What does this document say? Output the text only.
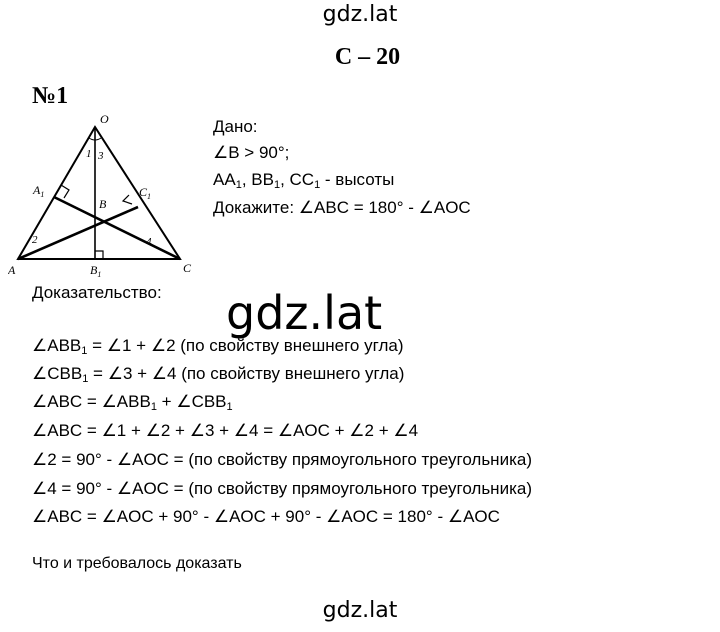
gdz.lat
С – 20
№1
O
A	C
B
$A_1$	$C_1$
$B_1$
1 3
2	4
Дано:
∠B > 90°;
$AA_1$, $BB_1$, $CC_1$ - высоты
Докажите: ∠ABC = 180° - ∠AOC
Доказательство: gdz.lat
$\angle ABB_1$ = ∠1 + ∠2 (по свойству внешнего угла)
$\angle CBB_1$ = ∠3 + ∠4 (по свойству внешнего угла)
∠ABC = $\angle ABB_1$ + $\angle CBB_1$
∠ABC = ∠1 + ∠2 + ∠3 + ∠4 = ∠AOC + ∠2 + ∠4
∠2 = 90° - ∠AOC = (по свойству прямоугольного треугольника)
∠4 = 90° - ∠AOC = (по свойству прямоугольного треугольника)
∠ABC = ∠AOC + 90° - ∠AOC + 90° - ∠AOC = 180° - ∠AOC
Что и требовалось доказать
gdz.lat
